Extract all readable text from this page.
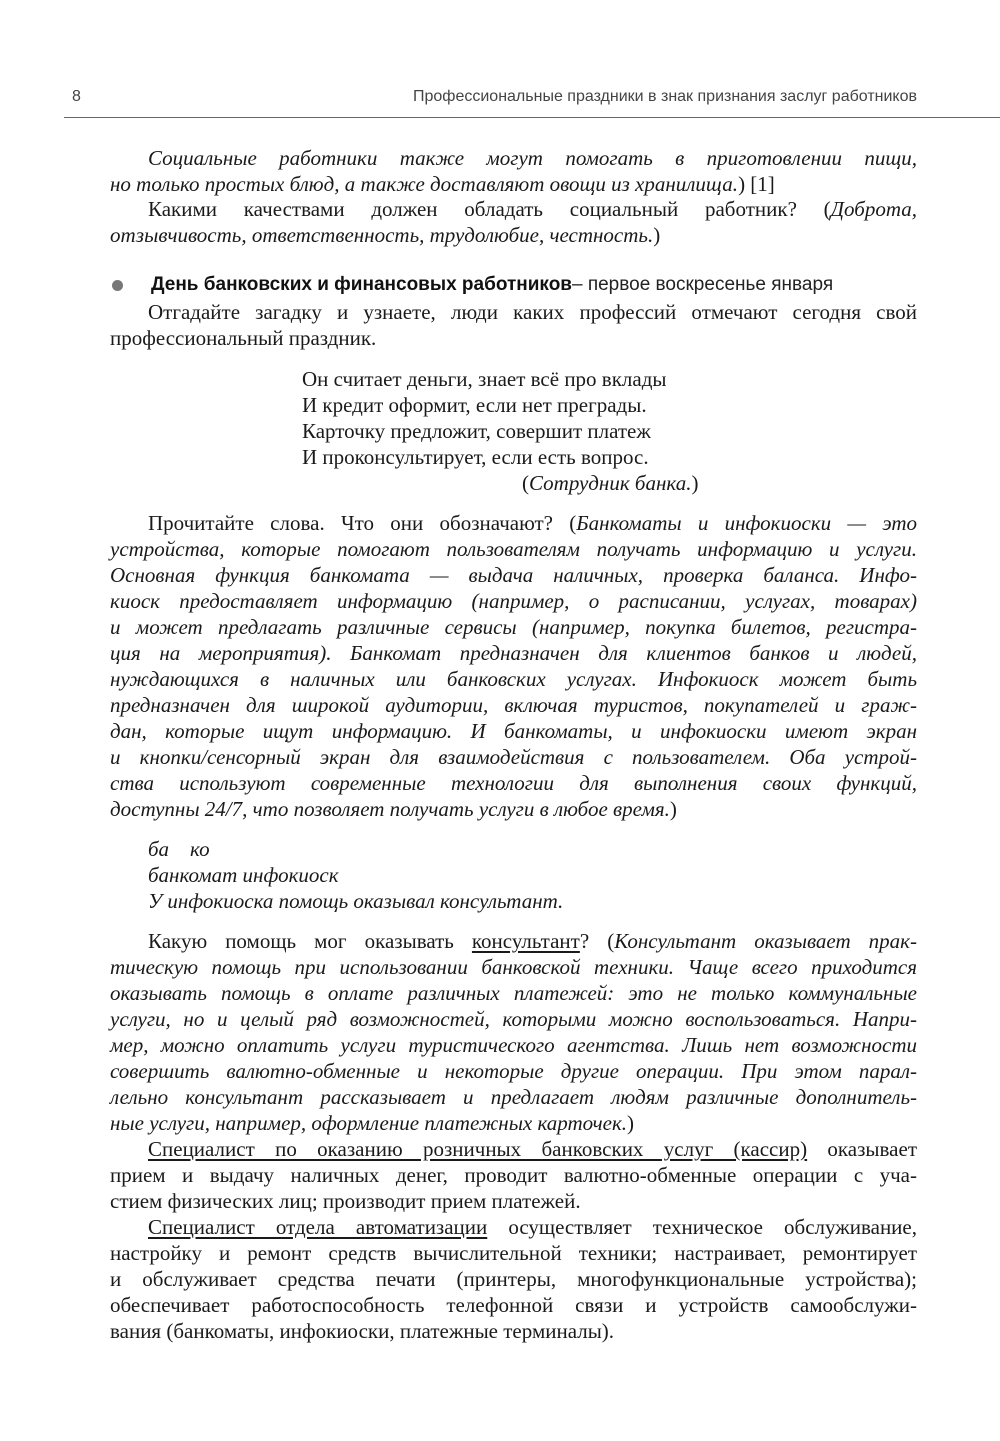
8	Профессиональные праздники в знак признания заслуг работников
День банковских и финансовых работников – первое воскресенье января
Социальные работники также могут помогать в приготовлении пищи,
но только простых блюд, а также доставляют овощи из хранилища.) [1]
Какими качествами должен обладать социальный работник? (Доброта,
отзывчивость, ответственность, трудолюбие, честность.)
Отгадайте загадку и узнаете, люди каких профессий отмечают сегодня свой
профессиональный праздник.
Он считает деньги, знает всё про вклады
И кредит оформит, если нет преграды.
Карточку предложит, совершит платеж
И проконсультирует, если есть вопрос.
(Сотрудник банка.)
Прочитайте слова. Что они обозначают? (Банкоматы и инфокиоски — это
устройства, которые помогают пользователям получать информацию и услуги.
Основная функция банкомата — выдача наличных, проверка баланса. Инфо-
киоск предоставляет информацию (например, о расписании, услугах, товарах)
и может предлагать различные сервисы (например, покупка билетов, регистра-
ция на мероприятия). Банкомат предназначен для клиентов банков и людей,
нуждающихся в наличных или банковских услугах. Инфокиоск может быть
предназначен для широкой аудитории, включая туристов, покупателей и граж-
дан, которые ищут информацию. И банкоматы, и инфокиоски имеют экран
и кнопки/сенсорный экран для взаимодействия с пользователем. Оба устрой-
ства используют современные технологии для выполнения своих функций,
доступны 24/7, что позволяет получать услуги в любое время.)
ба    ко
банкомат инфокиоск
У инфокиоска помощь оказывал консультант.
Какую помощь мог оказывать консультант? (Консультант оказывает прак-
тическую помощь при использовании банковской техники. Чаще всего приходится
оказывать помощь в оплате различных платежей: это не только коммунальные
услуги, но и целый ряд возможностей, которыми можно воспользоваться. Напри-
мер, можно оплатить услуги туристического агентства. Лишь нет возможности
совершить валютно-обменные и некоторые другие операции. При этом парал-
лельно консультант рассказывает и предлагает людям различные дополнитель-
ные услуги, например, оформление платежных карточек.)
Специалист по оказанию розничных банковских услуг (кассир) оказывает
прием и выдачу наличных денег, проводит валютно-обменные операции с уча-
стием физических лиц; производит прием платежей.
Специалист отдела автоматизации осуществляет техническое обслуживание,
настройку и ремонт средств вычислительной техники; настраивает, ремонтирует
и обслуживает средства печати (принтеры, многофункциональные устройства);
обеспечивает работоспособность телефонной связи и устройств самообслужи-
вания (банкоматы, инфокиоски, платежные терминалы).
